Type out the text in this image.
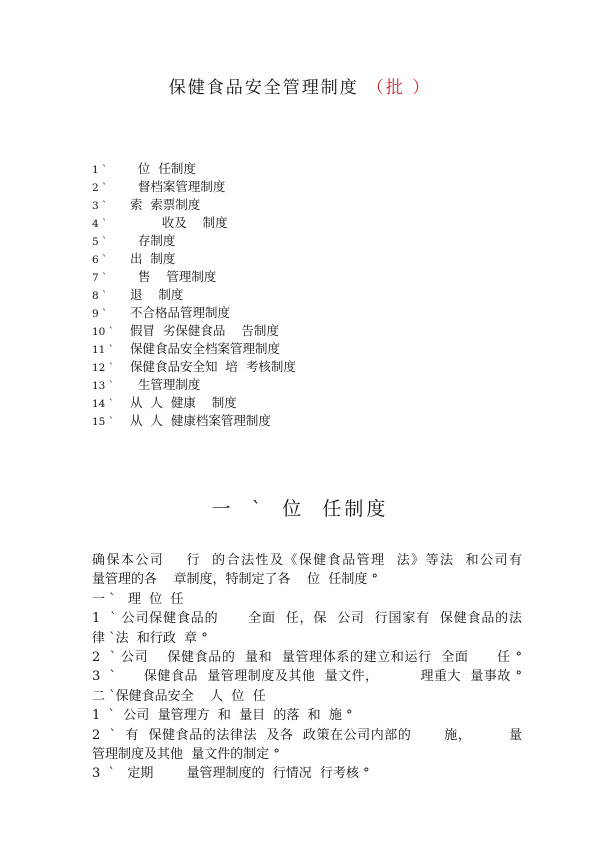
保健食品安全管理制度 （批 ）
1 `   位  任制度
2 `   督档案管理制度
3 ` 索  索票制度
4 `         收及    制度
5 `   存制度
6 ` 出  制度
7 `   售    管理制度
8 ` 退    制度
9 ` 不合格品管理制度
10 ` 假冒  劣保健食品    告制度
11 ` 保健食品安全档案管理制度
12 ` 保健食品安全知  培  考核制度
13 `   生管理制度
14 ` 从  人  健康    制度
15 ` 从  人  健康档案管理制度
一  `  位  任制度
确保本公司    行  的合法性及《保健食品管理  法》等法  和公司有
量管理的各    章制度，特制定了各    位  任制度 °
一 `   理  位  任
1  ` 公司保健食品的      全面  任，保  公司  行国家有  保健食品的法
律 `法  和行政  章 °
2  ` 公司    保健食品的  量和  量管理体系的建立和运行  全面      任 °
3  `      保健食品  量管理制度及其他  量文件，         理重大  量事故 °
二 `保健食品安全    人  位  任
1  `  公司  量管理方  和  量目  的落  和  施 °
2  `  有  保健食品的法律法  及各  政策在公司内部的       施，        量
管理制度及其他  量文件的制定 °
3  `   定期        量管理制度的  行情况  行考核 °
